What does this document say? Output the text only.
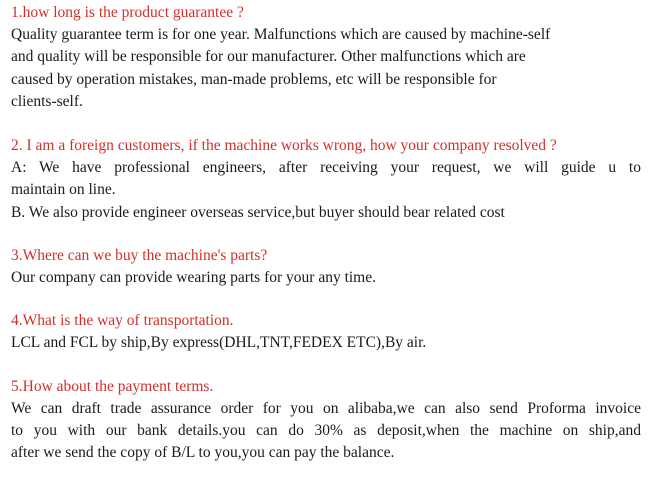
1.how long is the product guarantee ?

Quality guarantee term is for one year. Malfunctions which are caused by machine-self

and quality will be responsible for our manufacturer. Other malfunctions which are

caused by operation mistakes, man-made problems, etc will be responsible for

clients-self.

2. I am a foreign customers, if the machine works wrong, how your company resolved ?

A: We have professional engineers, after receiving your request, we will guide u to

maintain on line.

B. We also provide engineer overseas service,but buyer should bear related cost

3.Where can we buy the machine's parts?

Our company can provide wearing parts for your any time.

4.What is the way of transportation.

LCL and FCL by ship,By express(DHL,TNT,FEDEX ETC),By air.

5.How about the payment terms.

We can draft trade assurance order for you on alibaba,we can also send Proforma invoice

to you with our bank details.you can do 30% as deposit,when the machine on ship,and

after we send the copy of B/L to you,you can pay the balance.
